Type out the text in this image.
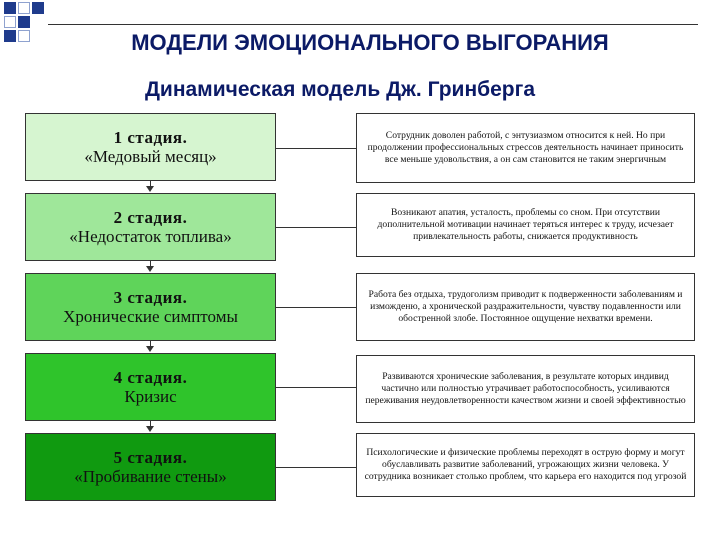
МОДЕЛИ ЭМОЦИОНАЛЬНОГО ВЫГОРАНИЯ
Динамическая модель Дж. Гринберга
1 стадия.
«Медовый месяц»
Сотрудник доволен работой, с энтузиазмом относится к ней. Но при продолжении профессиональных стрессов деятельность начинает приносить все меньше удовольствия, а он сам становится не таким энергичным
2 стадия.
«Недостаток топлива»
Возникают апатия, усталость, проблемы со сном. При отсутствии дополнительной мотивации начинает теряться интерес к труду, исчезает привлекательность работы, снижается продуктивность
3 стадия.
Хронические симптомы
Работа без отдыха, трудоголизм приводит к подверженности заболеваниям и изможденю, а хронической раздражительности, чувству подавленности или обостренной злобе. Постоянное ощущение нехватки времени.
4 стадия.
Кризис
Развиваются хронические заболевания, в результате которых индивид частично или полностью утрачивает работоспособность, усиливаются переживания неудовлетворенности качеством жизни и своей эффективностью
5 стадия.
«Пробивание стены»
Психологические и физические проблемы переходят в острую форму и могут обуславливать развитие заболеваний, угрожающих жизни человека. У сотрудника возникает столько проблем, что карьера его находится под угрозой
